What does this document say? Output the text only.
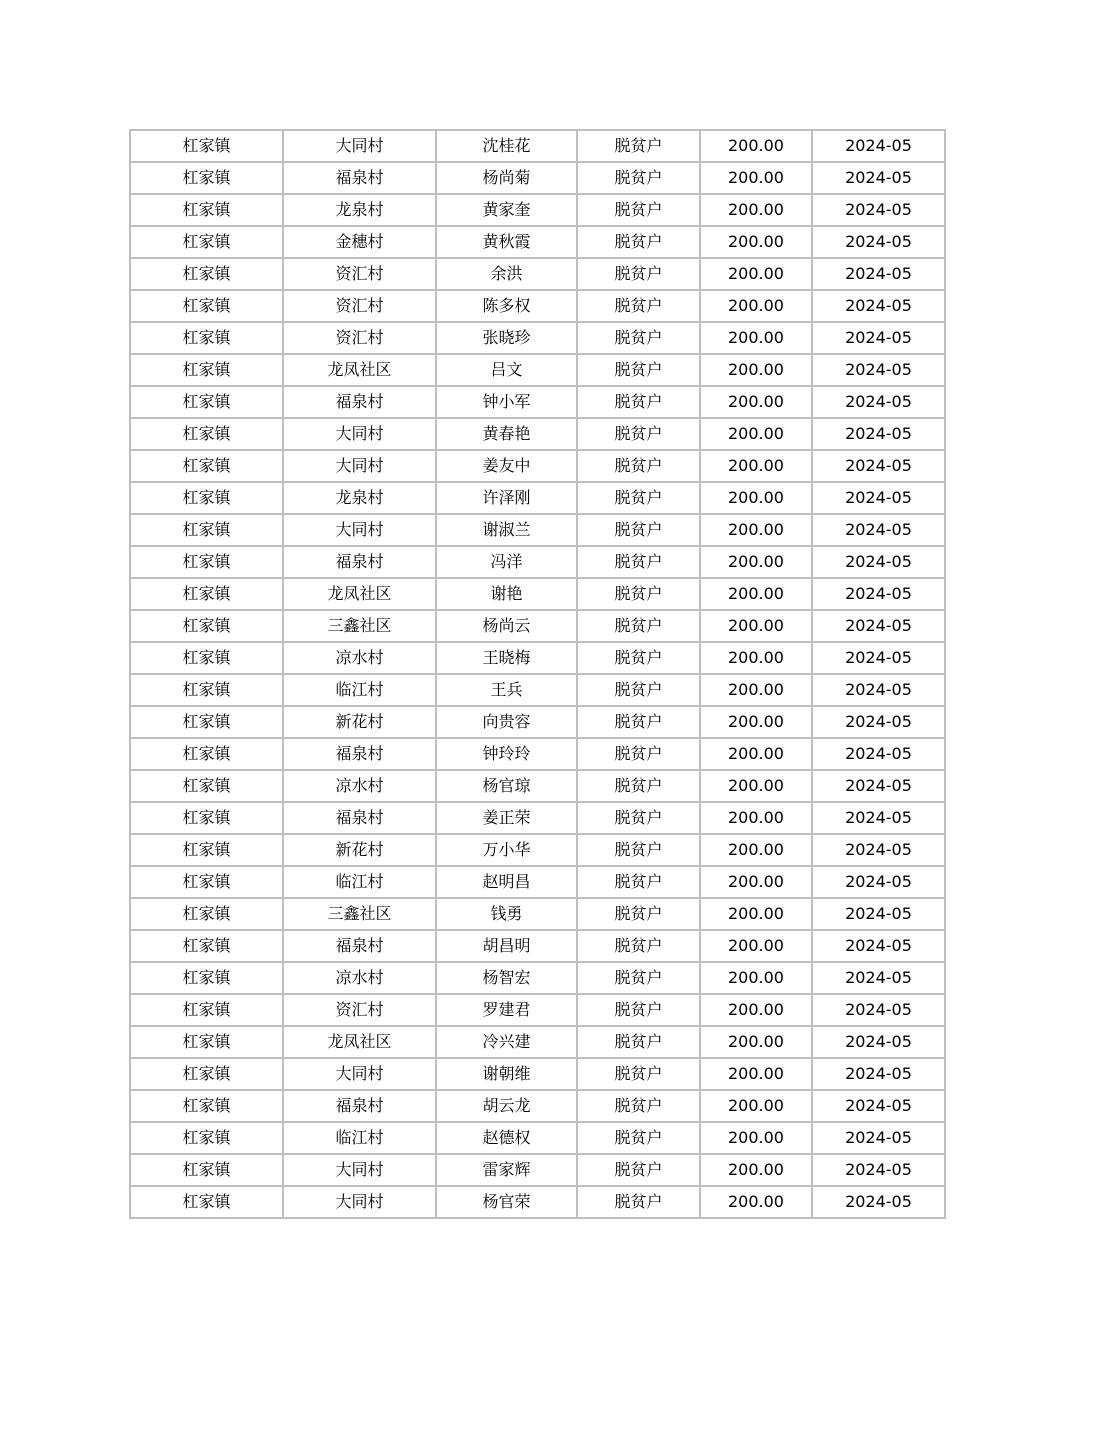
杠家镇	大同村	沈桂花	脱贫户	200.00	2024-05
杠家镇	福泉村	杨尚菊	脱贫户	200.00	2024-05
杠家镇	龙泉村	黄家奎	脱贫户	200.00	2024-05
杠家镇	金穗村	黄秋霞	脱贫户	200.00	2024-05
杠家镇	资汇村	余洪	脱贫户	200.00	2024-05
杠家镇	资汇村	陈多权	脱贫户	200.00	2024-05
杠家镇	资汇村	张晓珍	脱贫户	200.00	2024-05
杠家镇	龙凤社区	吕文	脱贫户	200.00	2024-05
杠家镇	福泉村	钟小军	脱贫户	200.00	2024-05
杠家镇	大同村	黄春艳	脱贫户	200.00	2024-05
杠家镇	大同村	姜友中	脱贫户	200.00	2024-05
杠家镇	龙泉村	许泽刚	脱贫户	200.00	2024-05
杠家镇	大同村	谢淑兰	脱贫户	200.00	2024-05
杠家镇	福泉村	冯洋	脱贫户	200.00	2024-05
杠家镇	龙凤社区	谢艳	脱贫户	200.00	2024-05
杠家镇	三鑫社区	杨尚云	脱贫户	200.00	2024-05
杠家镇	凉水村	王晓梅	脱贫户	200.00	2024-05
杠家镇	临江村	王兵	脱贫户	200.00	2024-05
杠家镇	新花村	向贵容	脱贫户	200.00	2024-05
杠家镇	福泉村	钟玲玲	脱贫户	200.00	2024-05
杠家镇	凉水村	杨官琼	脱贫户	200.00	2024-05
杠家镇	福泉村	姜正荣	脱贫户	200.00	2024-05
杠家镇	新花村	万小华	脱贫户	200.00	2024-05
杠家镇	临江村	赵明昌	脱贫户	200.00	2024-05
杠家镇	三鑫社区	钱勇	脱贫户	200.00	2024-05
杠家镇	福泉村	胡昌明	脱贫户	200.00	2024-05
杠家镇	凉水村	杨智宏	脱贫户	200.00	2024-05
杠家镇	资汇村	罗建君	脱贫户	200.00	2024-05
杠家镇	龙凤社区	冷兴建	脱贫户	200.00	2024-05
杠家镇	大同村	谢朝维	脱贫户	200.00	2024-05
杠家镇	福泉村	胡云龙	脱贫户	200.00	2024-05
杠家镇	临江村	赵德权	脱贫户	200.00	2024-05
杠家镇	大同村	雷家辉	脱贫户	200.00	2024-05
杠家镇	大同村	杨官荣	脱贫户	200.00	2024-05
